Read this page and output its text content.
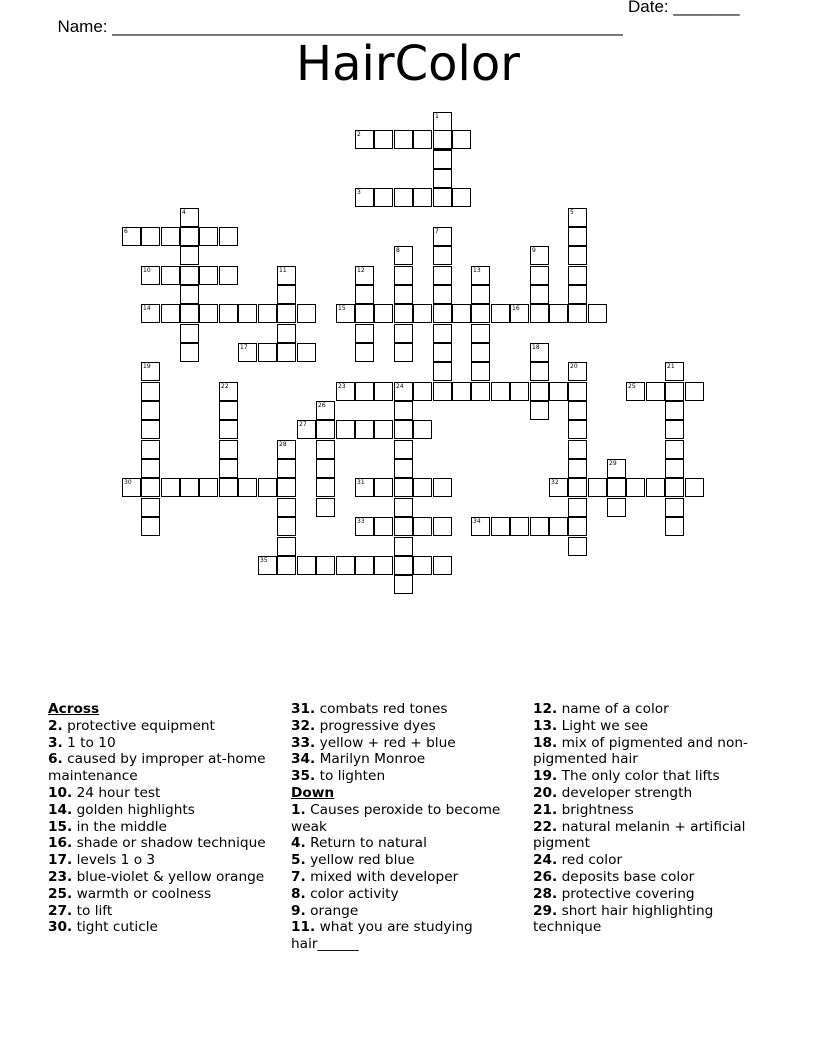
Name: ______________________________________________________

Date: _______

HairColor
1
2
3
4	5
6	7
8	9
10	11	12	13
14	15	16
17	18
19	20	21
22	23	24	25
26
27
28
29
30	31	32
33	34
35
Across
2. protective equipment
3. 1 to 10
6. caused by improper at-home maintenance
10. 24 hour test
14. golden highlights
15. in the middle
16. shade or shadow technique
17. levels 1 o 3
23. blue-violet & yellow orange
25. warmth or coolness
27. to lift
30. tight cuticle
31. combats red tones
32. progressive dyes
33. yellow + red + blue
34. Marilyn Monroe
35. to lighten
Down
1. Causes peroxide to become weak
4. Return to natural
5. yellow red blue
7. mixed with developer
8. color activity
9. orange
11. what you are studying hair______
12. name of a color
13. Light we see
18. mix of pigmented and non-pigmented hair
19. The only color that lifts
20. developer strength
21. brightness
22. natural melanin + artificial pigment
24. red color
26. deposits base color
28. protective covering
29. short hair highlighting technique
